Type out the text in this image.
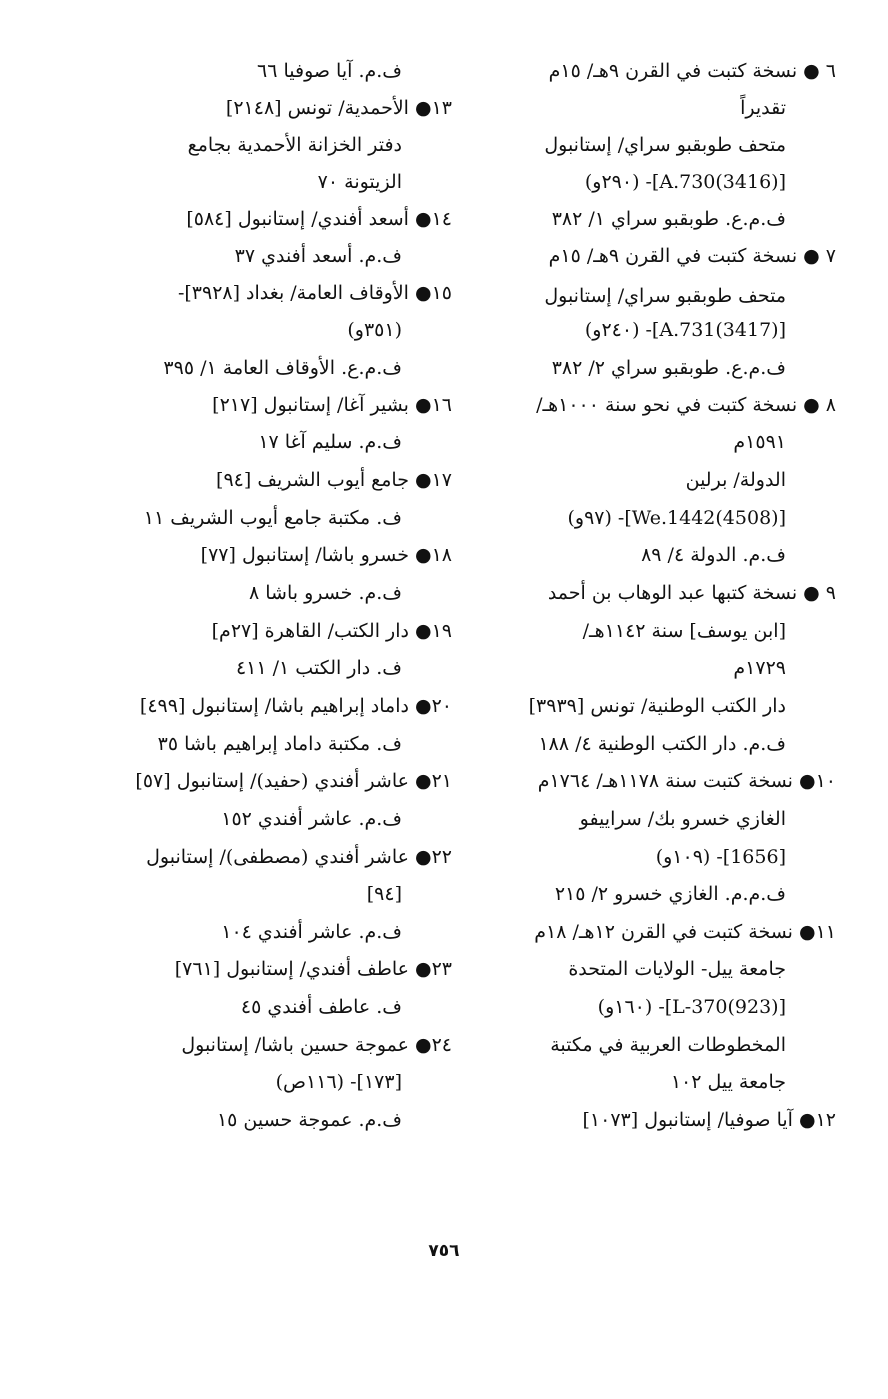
٦ ● نسخة كتبت في القرن ٩هـ/ ١٥م
تقديراً
متحف طوبقبو سراي/ إستانبول
[A.730(3416)]- (٢٩٠و)
ف.م.ع. طوبقبو سراي ١/ ٣٨٢
٧ ● نسخة كتبت في القرن ٩هـ/ ١٥م
متحف طوبقبو سراي/ إستانبول
[A.731(3417)]- (٢٤٠و)
ف.م.ع. طوبقبو سراي ٢/ ٣٨٢
٨ ● نسخة كتبت في نحو سنة ١٠٠٠هـ/
١٥٩١م
الدولة/ برلين
[We.1442(4508)]- (٩٧و)
ف.م. الدولة ٤/ ٨٩
٩ ● نسخة كتبها عبد الوهاب بن أحمد
[ابن يوسف] سنة ١١٤٢هـ/
١٧٢٩م
دار الكتب الوطنية/ تونس [٣٩٣٩]
ف.م. دار الكتب الوطنية ٤/ ١٨٨
١٠● نسخة كتبت سنة ١١٧٨هـ/ ١٧٦٤م
الغازي خسرو بك/ سراييفو
[1656]- (١٠٩و)
ف.م.م. الغازي خسرو ٢/ ٢١٥
١١● نسخة كتبت في القرن ١٢هـ/ ١٨م
جامعة ييل- الولايات المتحدة
[L-370(923)]- (١٦٠و)
المخطوطات العربية في مكتبة
جامعة ييل ١٠٢
١٢● آيا صوفيا/ إستانبول [١٠٧٣]
ف.م. آيا صوفيا ٦٦
١٣● الأحمدية/ تونس [٢١٤٨]
دفتر الخزانة الأحمدية بجامع
الزيتونة ٧٠
١٤● أسعد أفندي/ إستانبول [٥٨٤]
ف.م. أسعد أفندي ٣٧
١٥● الأوقاف العامة/ بغداد [٣٩٢٨]-
(٣٥١و)
ف.م.ع. الأوقاف العامة ١/ ٣٩٥
١٦● بشير آغا/ إستانبول [٢١٧]
ف.م. سليم آغا ١٧
١٧● جامع أيوب الشريف [٩٤]
ف. مكتبة جامع أيوب الشريف ١١
١٨● خسرو باشا/ إستانبول [٧٧]
ف.م. خسرو باشا ٨
١٩● دار الكتب/ القاهرة [٢٧م]
ف. دار الكتب ١/ ٤١١
٢٠● داماد إبراهيم باشا/ إستانبول [٤٩٩]
ف. مكتبة داماد إبراهيم باشا ٣٥
٢١● عاشر أفندي (حفيد)/ إستانبول [٥٧]
ف.م. عاشر أفندي ١٥٢
٢٢● عاشر أفندي (مصطفى)/ إستانبول
[٩٤]
ف.م. عاشر أفندي ١٠٤
٢٣● عاطف أفندي/ إستانبول [٧٦١]
ف. عاطف أفندي ٤٥
٢٤● عموجة حسين باشا/ إستانبول
[١٧٣]- (١١٦ص)
ف.م. عموجة حسين ١٥
٧٥٦
